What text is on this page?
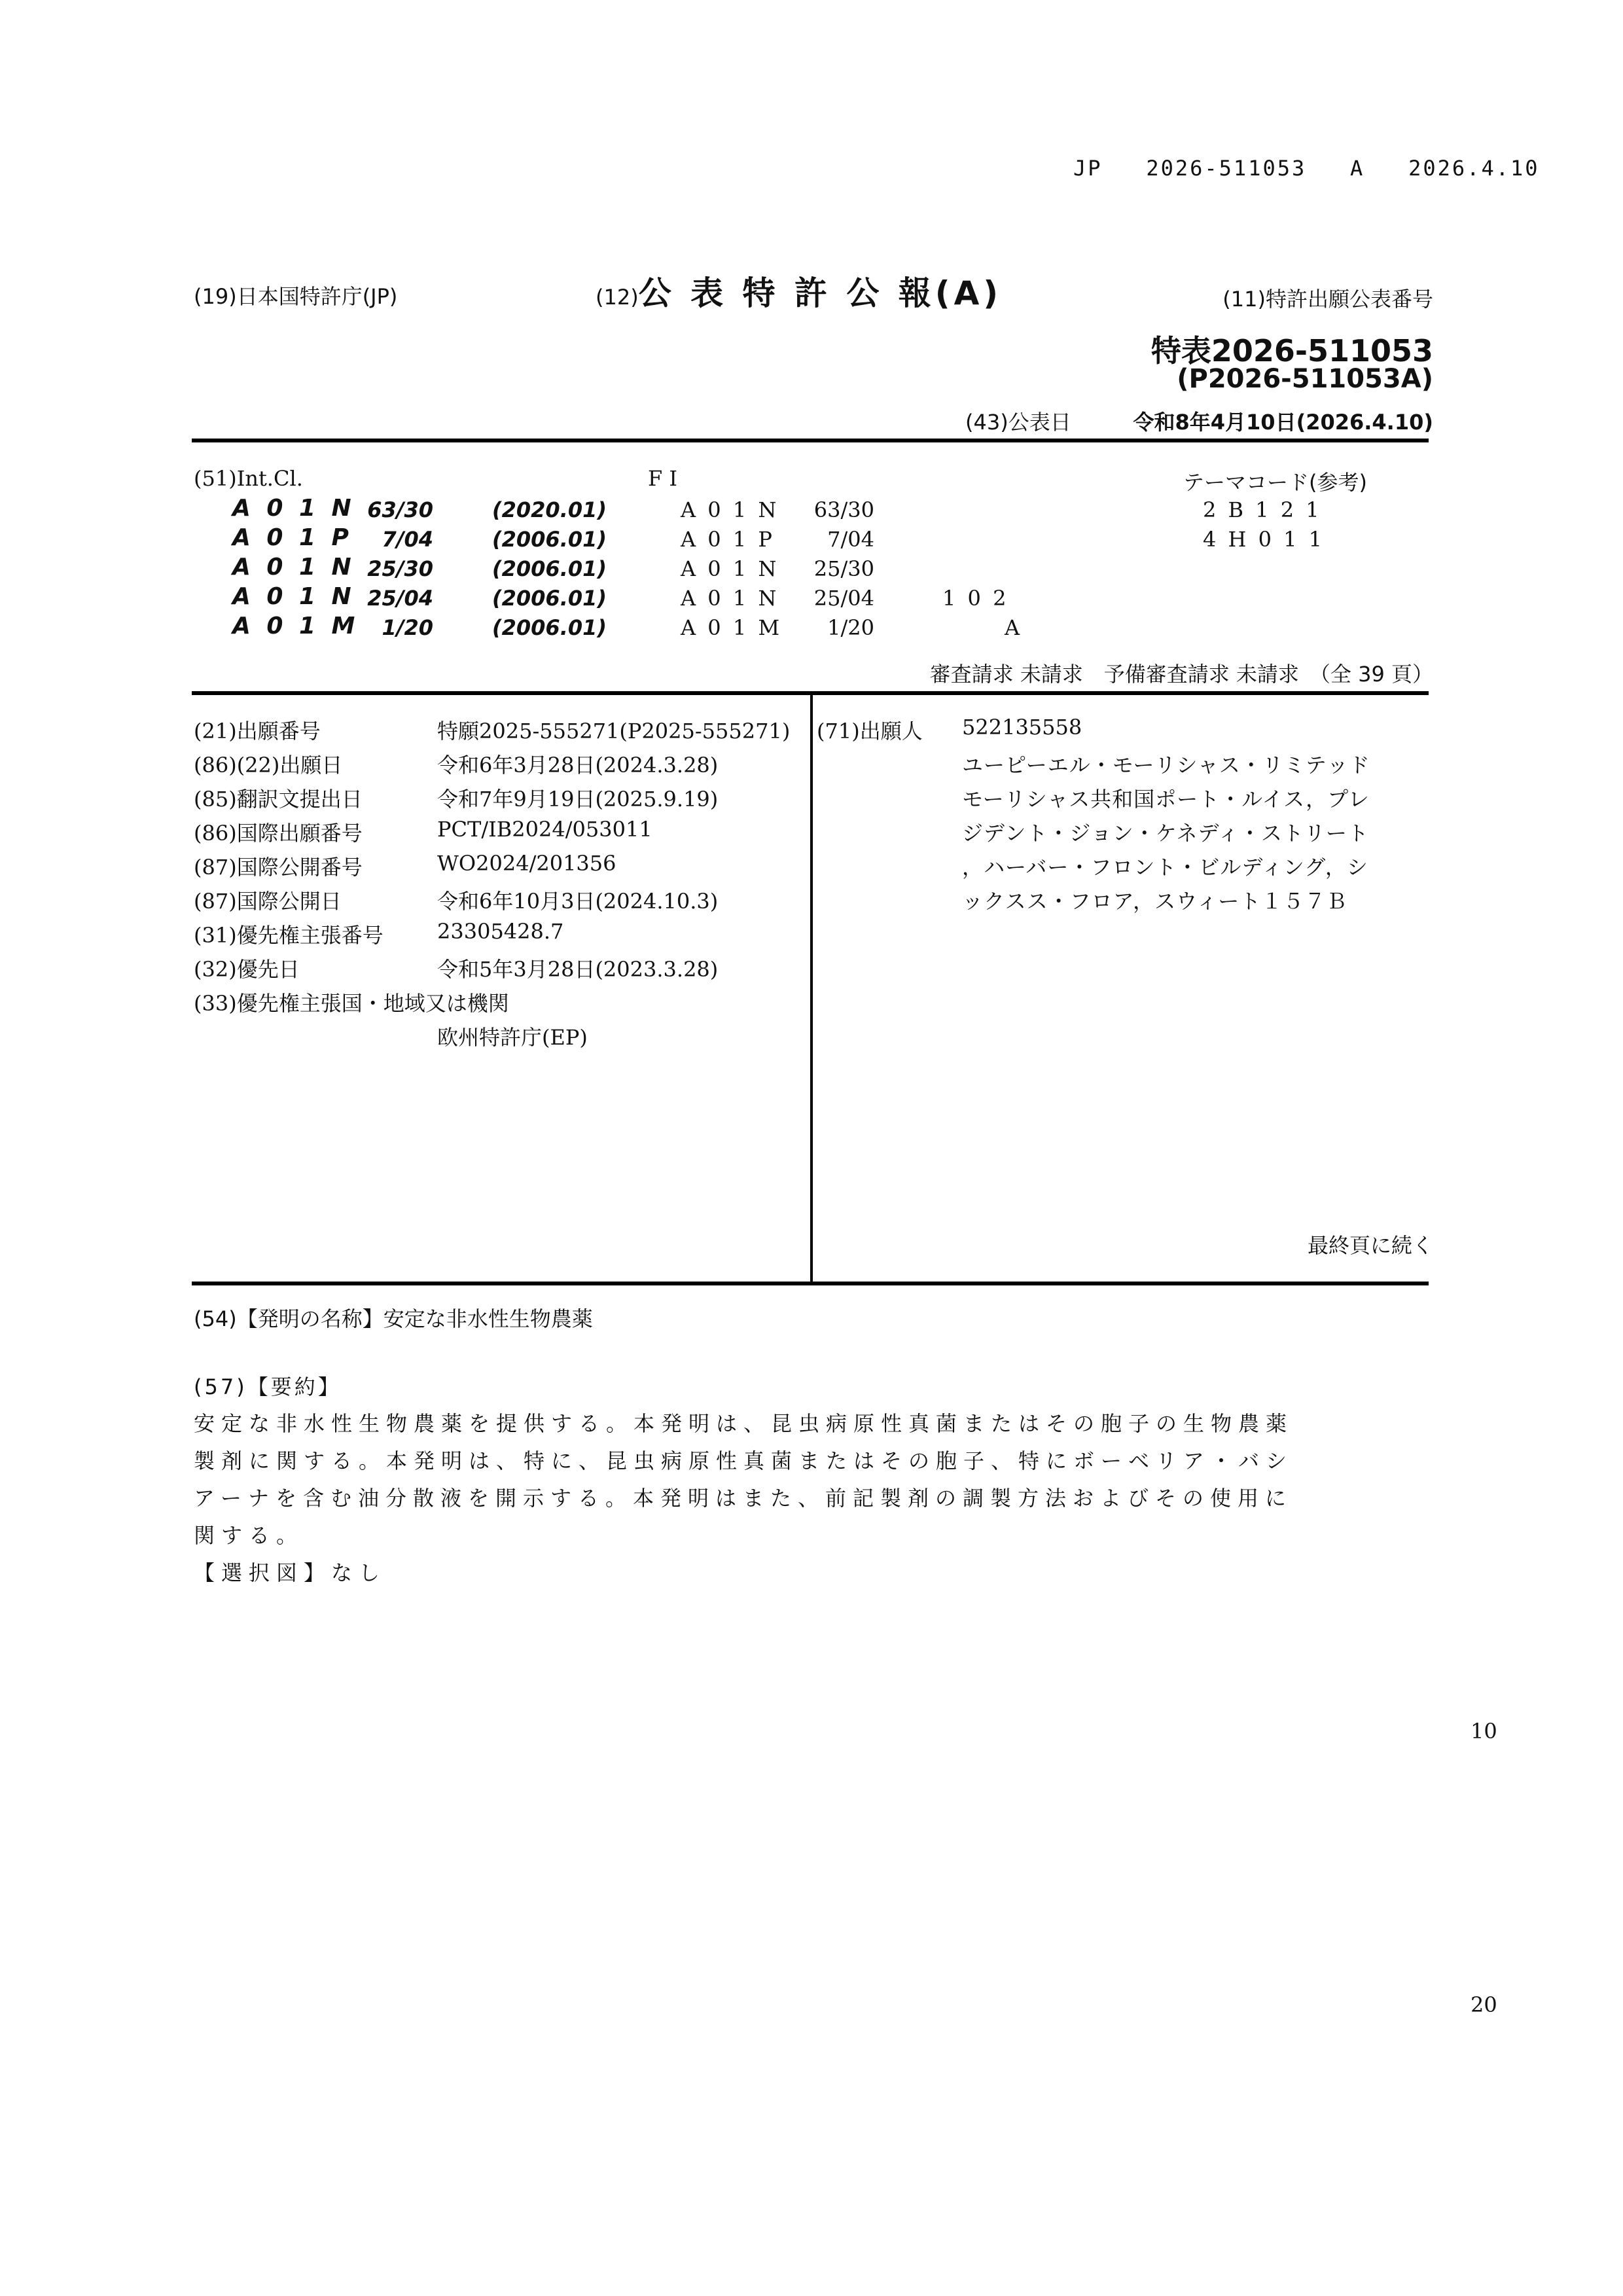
JP 2026-511053 A 2026.4.10
(19)日本国特許庁(JP)	(12)公 表 特 許 公 報(A)	(11)特許出願公表番号
特表2026-511053
(P2026-511053A)
(43)公表日	令和8年4月10日(2026.4.10)
(51)Int.Cl.	F I	テーマコード(参考)
A 0 1 N 63/30	(2020.01)	A 0 1 N	63/30	2 B 1 2 1
A 0 1 P	7/04	(2006.01)	A 0 1 P	7/04	4 H 0 1 1
A 0 1 N 25/30	(2006.01)	A 0 1 N	25/30
A 0 1 N 25/04	(2006.01)	A 0 1 N	25/04	1 0 2
A 0 1 M	1/20	(2006.01)	A 0 1 M	1/20	A
審査請求 未請求　予備審査請求 未請求　（全 39 頁）
(21)出願番号	特願2025-555271(P2025-555271)
(86)(22)出願日	令和6年3月28日(2024.3.28)
(85)翻訳文提出日	令和7年9月19日(2025.9.19)
(86)国際出願番号	PCT/IB2024/053011
(87)国際公開番号	WO2024/201356
(87)国際公開日	令和6年10月3日(2024.10.3)
(31)優先権主張番号	23305428.7
(32)優先日	令和5年3月28日(2023.3.28)
(33)優先権主張国・地域又は機関
欧州特許庁(EP)
(71)出願人 522135558
ユーピーエル・モーリシャス・リミテッド
モーリシャス共和国ポート・ルイス，プレ
ジデント・ジョン・ケネディ・ストリート
，ハーバー・フロント・ビルディング，シ
ックスス・フロア，スウィート１５７Ｂ
最終頁に続く
(54)【発明の名称】安定な非水性生物農薬
(57)【要約】
安定な非水性生物農薬を提供する。本発明は、昆虫病原性真菌またはその胞子の生物農薬
製剤に関する。本発明は、特に、昆虫病原性真菌またはその胞子、特にボーベリア・バシ
アーナを含む油分散液を開示する。本発明はまた、前記製剤の調製方法およびその使用に
関する。
【選択図】なし
10
20
